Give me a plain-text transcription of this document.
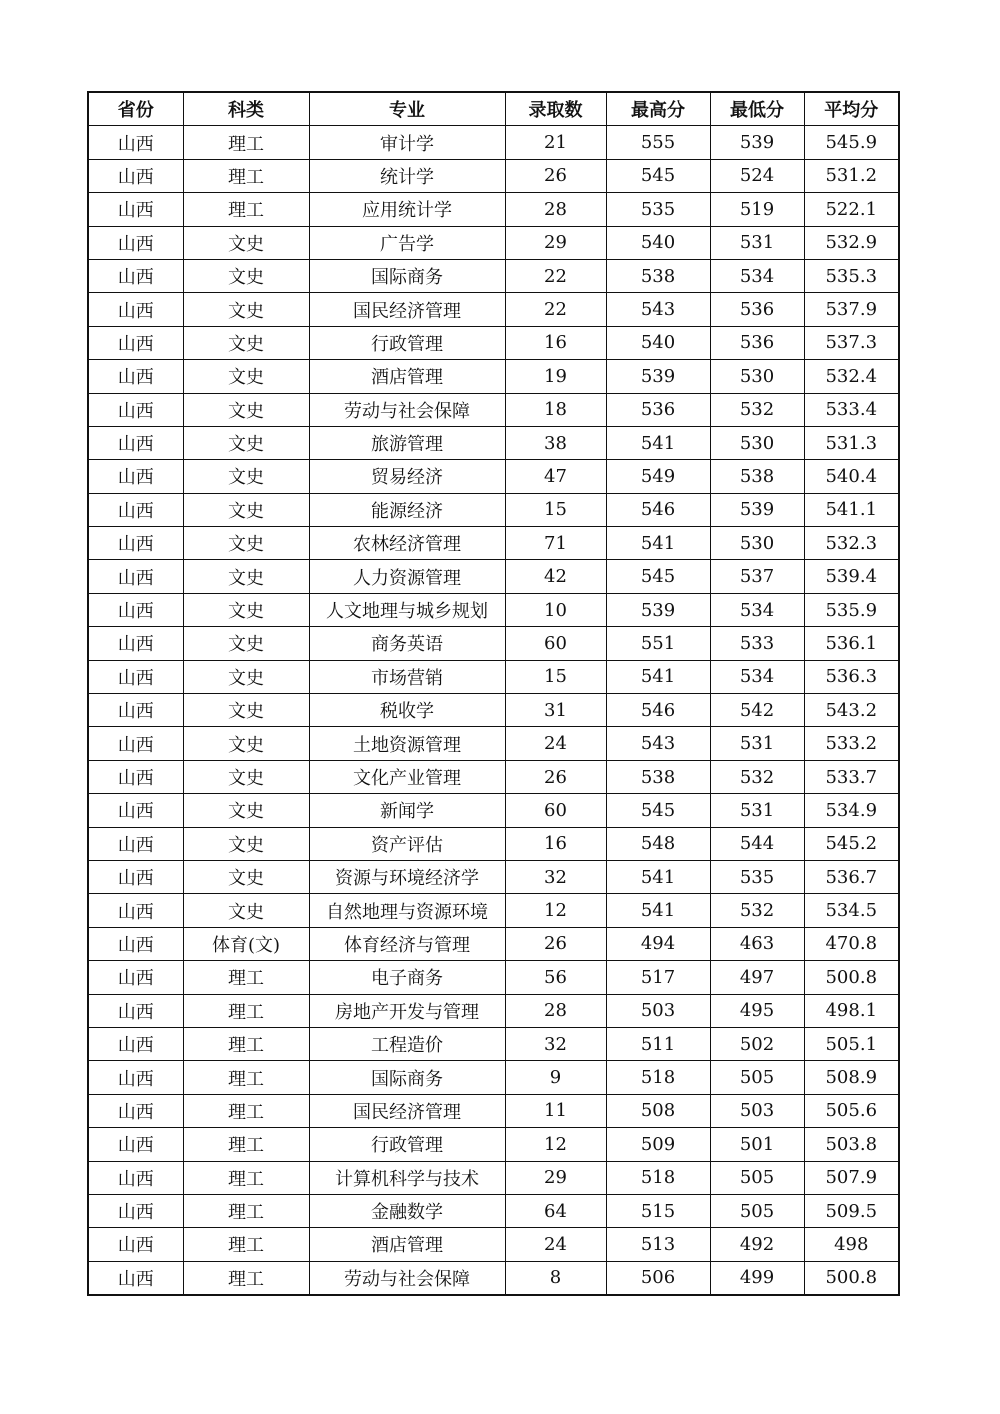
省份	科类	专业	录取数	最高分	最低分	平均分
山西	理工	审计学	21	555	539	545.9
山西	理工	统计学	26	545	524	531.2
山西	理工	应用统计学	28	535	519	522.1
山西	文史	广告学	29	540	531	532.9
山西	文史	国际商务	22	538	534	535.3
山西	文史	国民经济管理	22	543	536	537.9
山西	文史	行政管理	16	540	536	537.3
山西	文史	酒店管理	19	539	530	532.4
山西	文史	劳动与社会保障	18	536	532	533.4
山西	文史	旅游管理	38	541	530	531.3
山西	文史	贸易经济	47	549	538	540.4
山西	文史	能源经济	15	546	539	541.1
山西	文史	农林经济管理	71	541	530	532.3
山西	文史	人力资源管理	42	545	537	539.4
山西	文史	人文地理与城乡规划	10	539	534	535.9
山西	文史	商务英语	60	551	533	536.1
山西	文史	市场营销	15	541	534	536.3
山西	文史	税收学	31	546	542	543.2
山西	文史	土地资源管理	24	543	531	533.2
山西	文史	文化产业管理	26	538	532	533.7
山西	文史	新闻学	60	545	531	534.9
山西	文史	资产评估	16	548	544	545.2
山西	文史	资源与环境经济学	32	541	535	536.7
山西	文史	自然地理与资源环境	12	541	532	534.5
山西	体育(文)	体育经济与管理	26	494	463	470.8
山西	理工	电子商务	56	517	497	500.8
山西	理工	房地产开发与管理	28	503	495	498.1
山西	理工	工程造价	32	511	502	505.1
山西	理工	国际商务	9	518	505	508.9
山西	理工	国民经济管理	11	508	503	505.6
山西	理工	行政管理	12	509	501	503.8
山西	理工	计算机科学与技术	29	518	505	507.9
山西	理工	金融数学	64	515	505	509.5
山西	理工	酒店管理	24	513	492	498
山西	理工	劳动与社会保障	8	506	499	500.8
